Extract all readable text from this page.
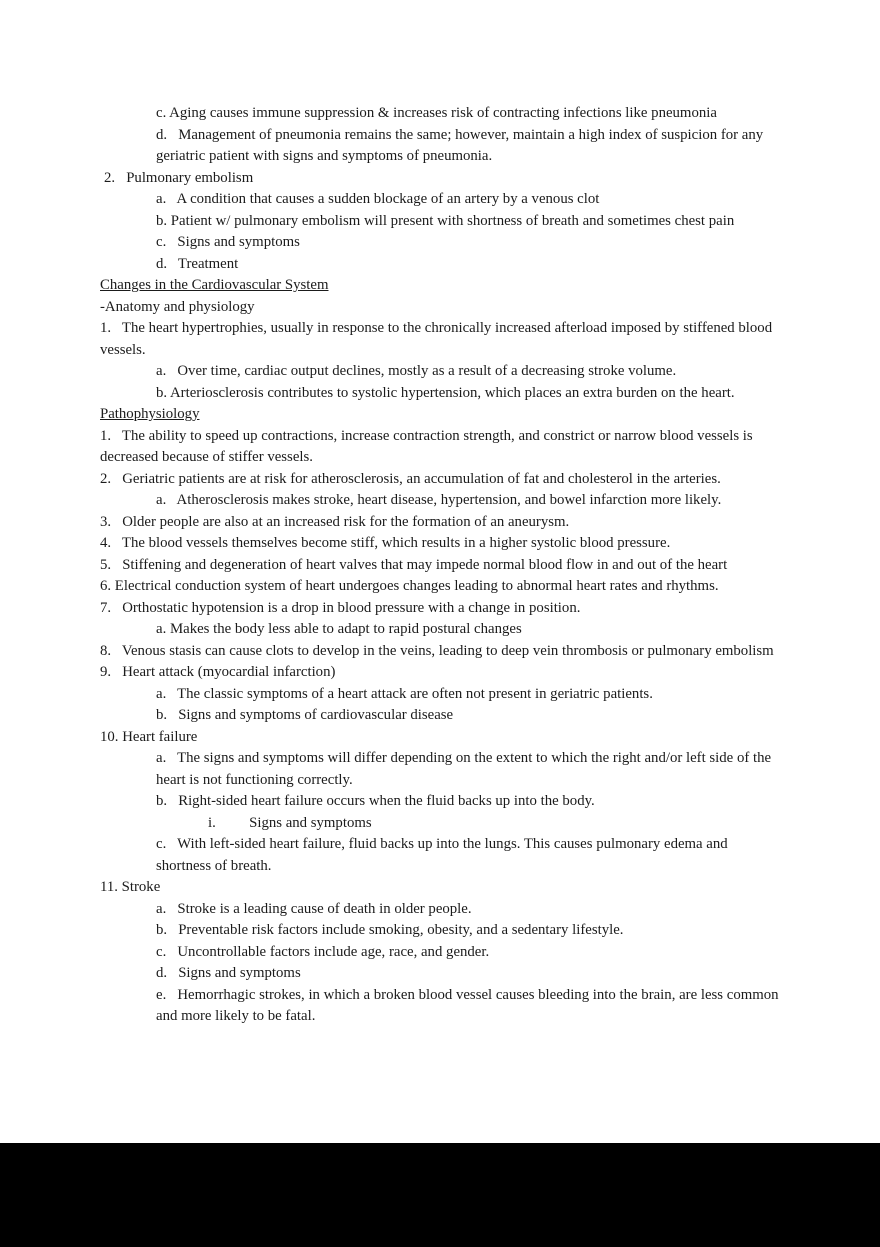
c. Aging causes immune suppression & increases risk of contracting infections like pneumonia
d.   Management of pneumonia remains the same; however, maintain a high index of suspicion for any geriatric patient with signs and symptoms of pneumonia.
2.   Pulmonary embolism
a.   A condition that causes a sudden blockage of an artery by a venous clot
b. Patient w/ pulmonary embolism will present with shortness of breath and sometimes chest pain
c.   Signs and symptoms
d.   Treatment
Changes in the Cardiovascular System
-Anatomy and physiology
1.   The heart hypertrophies, usually in response to the chronically increased afterload imposed by stiffened blood vessels.
a.   Over time, cardiac output declines, mostly as a result of a decreasing stroke volume.
b. Arteriosclerosis contributes to systolic hypertension, which places an extra burden on the heart.
Pathophysiology
1.   The ability to speed up contractions, increase contraction strength, and constrict or narrow blood vessels is decreased because of stiffer vessels.
2.   Geriatric patients are at risk for atherosclerosis, an accumulation of fat and cholesterol in the arteries.
a.   Atherosclerosis makes stroke, heart disease, hypertension, and bowel infarction more likely.
3.   Older people are also at an increased risk for the formation of an aneurysm.
4.   The blood vessels themselves become stiff, which results in a higher systolic blood pressure.
5.   Stiffening and degeneration of heart valves that may impede normal blood flow in and out of the heart
6. Electrical conduction system of heart undergoes changes leading to abnormal heart rates and rhythms.
7.   Orthostatic hypotension is a drop in blood pressure with a change in position.
a. Makes the body less able to adapt to rapid postural changes
8.   Venous stasis can cause clots to develop in the veins, leading to deep vein thrombosis or pulmonary embolism
9.   Heart attack (myocardial infarction)
a.   The classic symptoms of a heart attack are often not present in geriatric patients.
b.   Signs and symptoms of cardiovascular disease
10. Heart failure
a.   The signs and symptoms will differ depending on the extent to which the right and/or left side of the heart is not functioning correctly.
b.   Right-sided heart failure occurs when the fluid backs up into the body.
i.         Signs and symptoms
c.   With left-sided heart failure, fluid backs up into the lungs. This causes pulmonary edema and shortness of breath.
11. Stroke
a.   Stroke is a leading cause of death in older people.
b.   Preventable risk factors include smoking, obesity, and a sedentary lifestyle.
c.   Uncontrollable factors include age, race, and gender.
d.   Signs and symptoms
e.   Hemorrhagic strokes, in which a broken blood vessel causes bleeding into the brain, are less common and more likely to be fatal.
